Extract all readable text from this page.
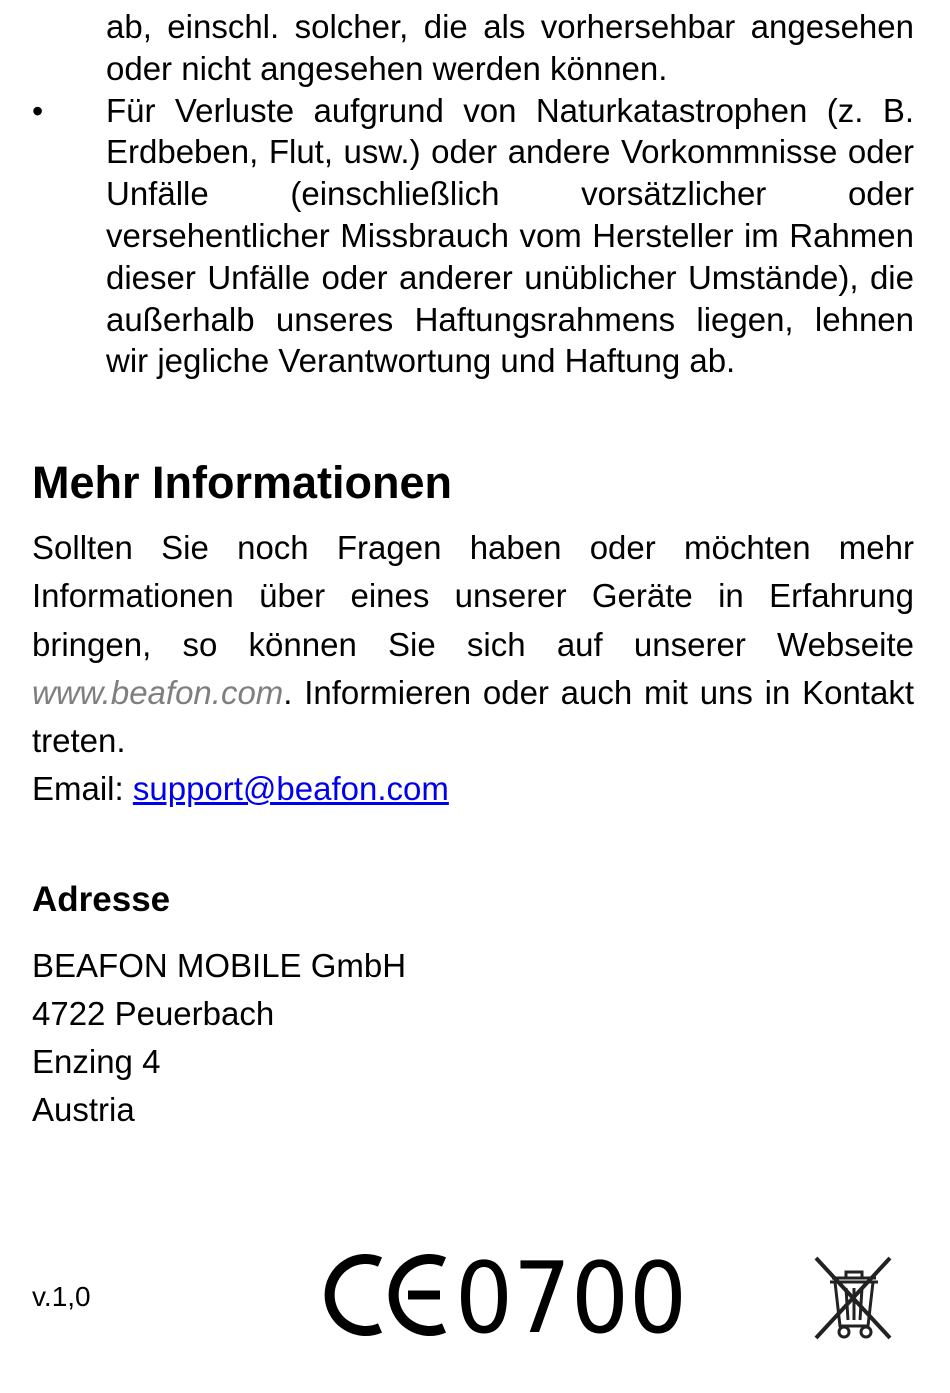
ab, einschl. solcher, die als vorhersehbar angesehen oder nicht angesehen werden können.

• Für Verluste aufgrund von Naturkatastrophen (z. B. Erdbeben, Flut, usw.) oder andere Vorkommnisse oder Unfälle (einschließlich vorsätzlicher oder versehentlicher Missbrauch vom Hersteller im Rahmen dieser Unfälle oder anderer unüblicher Umstände), die außerhalb unseres Haftungsrahmens liegen, lehnen wir jegliche Verantwortung und Haftung ab.

Mehr Informationen

Sollten Sie noch Fragen haben oder möchten mehr Informationen über eines unserer Geräte in Erfahrung bringen, so können Sie sich auf unserer Webseite www.beafon.com. Informieren oder auch mit uns in Kontakt treten.

Email: support@beafon.com

Adresse

BEAFON MOBILE GmbH

4722 Peuerbach

Enzing 4

Austria

v.1,0	0700
